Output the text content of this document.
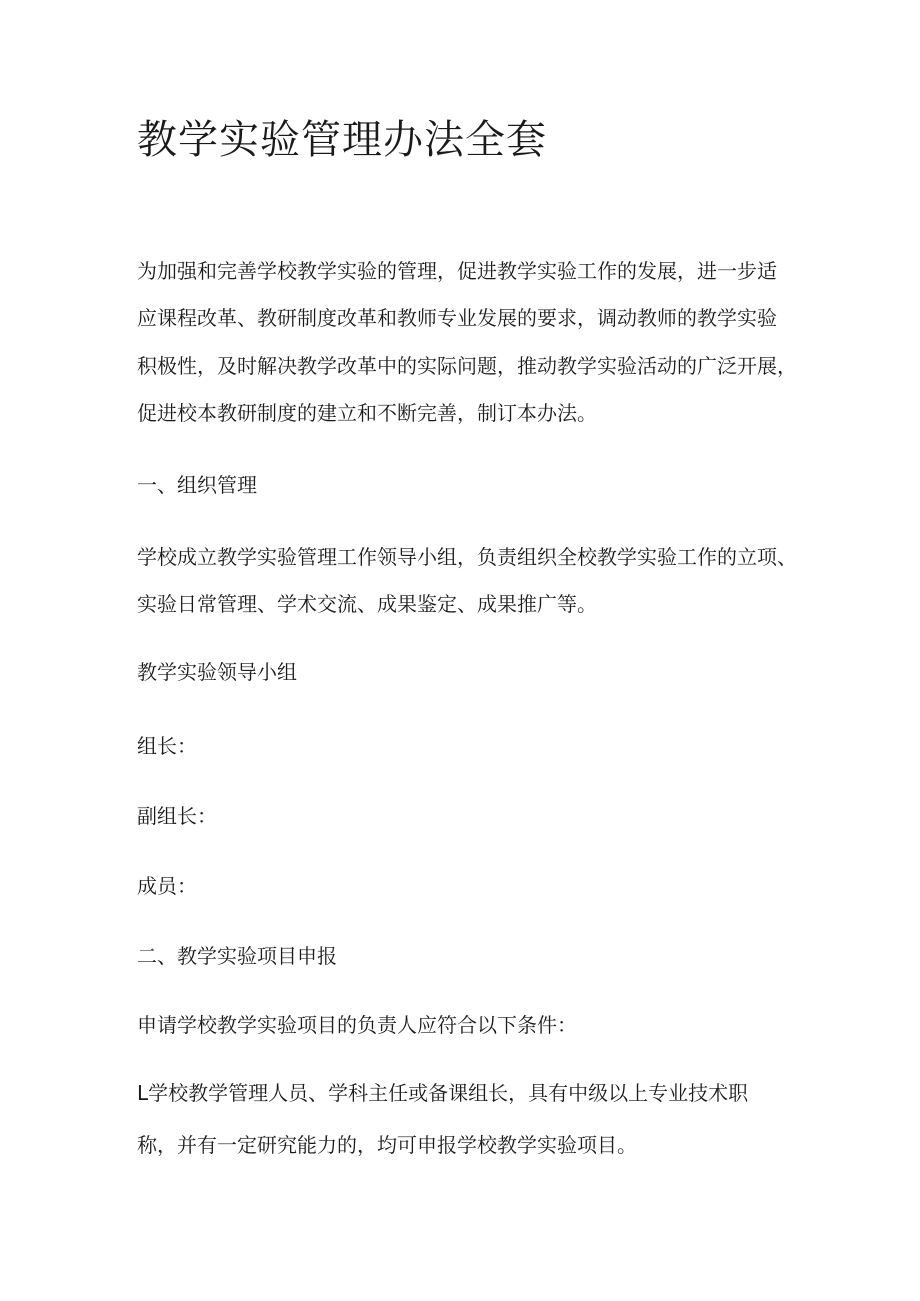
教学实验管理办法全套

为加强和完善学校教学实验的管理，促进教学实验工作的发展，进一步适

应课程改革、教研制度改革和教师专业发展的要求，调动教师的教学实验

积极性，及时解决教学改革中的实际问题，推动教学实验活动的广泛开展，

促进校本教研制度的建立和不断完善，制订本办法。

一、组织管理

学校成立教学实验管理工作领导小组，负责组织全校教学实验工作的立项、

实验日常管理、学术交流、成果鉴定、成果推广等。

教学实验领导小组

组长：

副组长：

成员：

二、教学实验项目申报

申请学校教学实验项目的负责人应符合以下条件：

L学校教学管理人员、学科主任或备课组长，具有中级以上专业技术职

称，并有一定研究能力的，均可申报学校教学实验项目。
